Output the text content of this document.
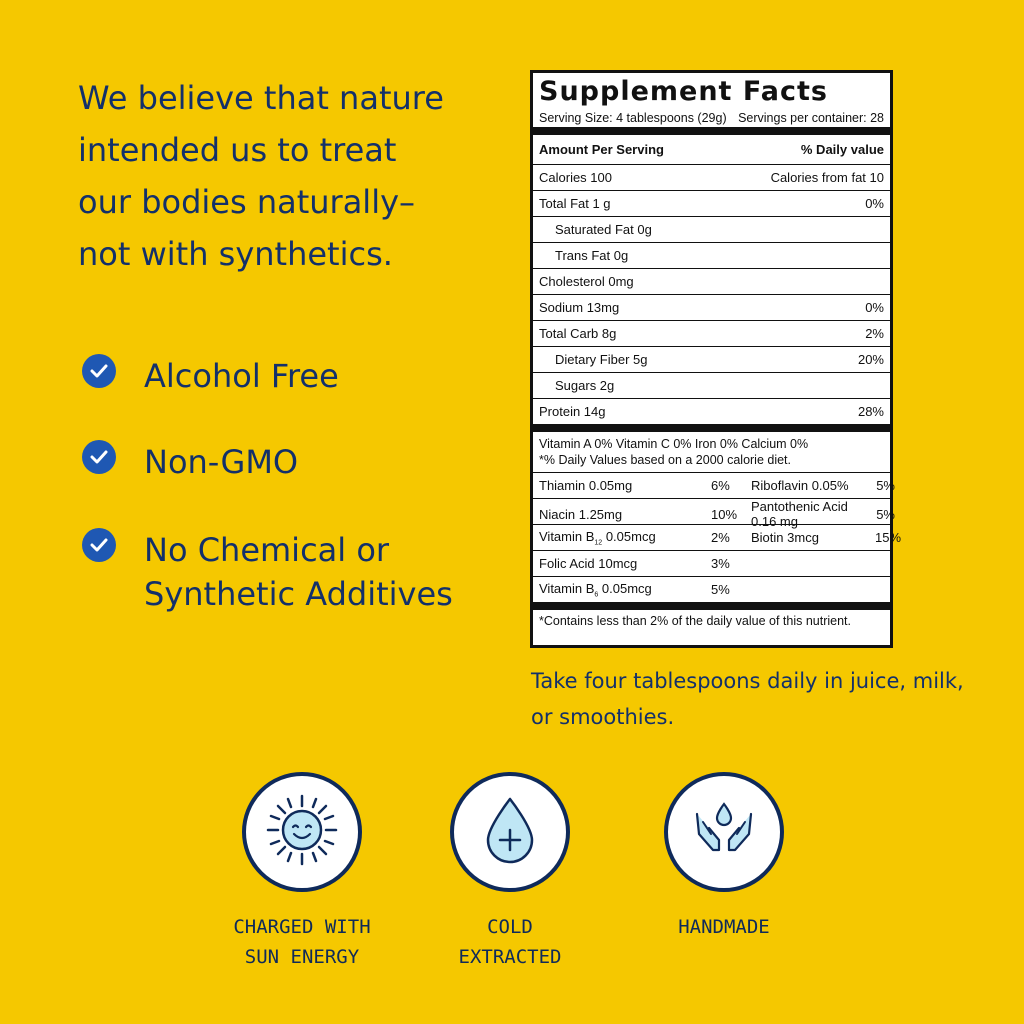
We believe that nature
intended us to treat
our bodies naturally–
not with synthetics.
Alcohol Free
Non-GMO
No Chemical or
Synthetic Additives
Supplement Facts
Serving Size: 4 tablespoons (29g) Servings per container: 28
Amount Per Serving	% Daily value
Calories 100	Calories from fat 10
Total Fat 1 g	0%
Saturated Fat 0g
Trans Fat 0g
Cholesterol 0mg
Sodium 13mg	0%
Total Carb 8g	2%
Dietary Fiber 5g	20%
Sugars 2g
Protein 14g	28%
Vitamin A 0% Vitamin C 0% Iron 0% Calcium 0%
*% Daily Values based on a 2000 calorie diet.
Thiamin 0.05mg	6%	Riboflavin 0.05%	5%
Niacin 1.25mg	10%	Pantothenic Acid 0.16 mg	5%
Vitamin $B_{12}$ 0.05mcg	2%	Biotin 3mcg	15%
Folic Acid 10mcg	3%
Vitamin $B_6$ 0.05mcg	5%
*Contains less than 2% of the daily value of this nutrient.
Take four tablespoons daily in juice, milk, or smoothies.
CHARGED WITH
SUN ENERGY
COLD
EXTRACTED
HANDMADE
